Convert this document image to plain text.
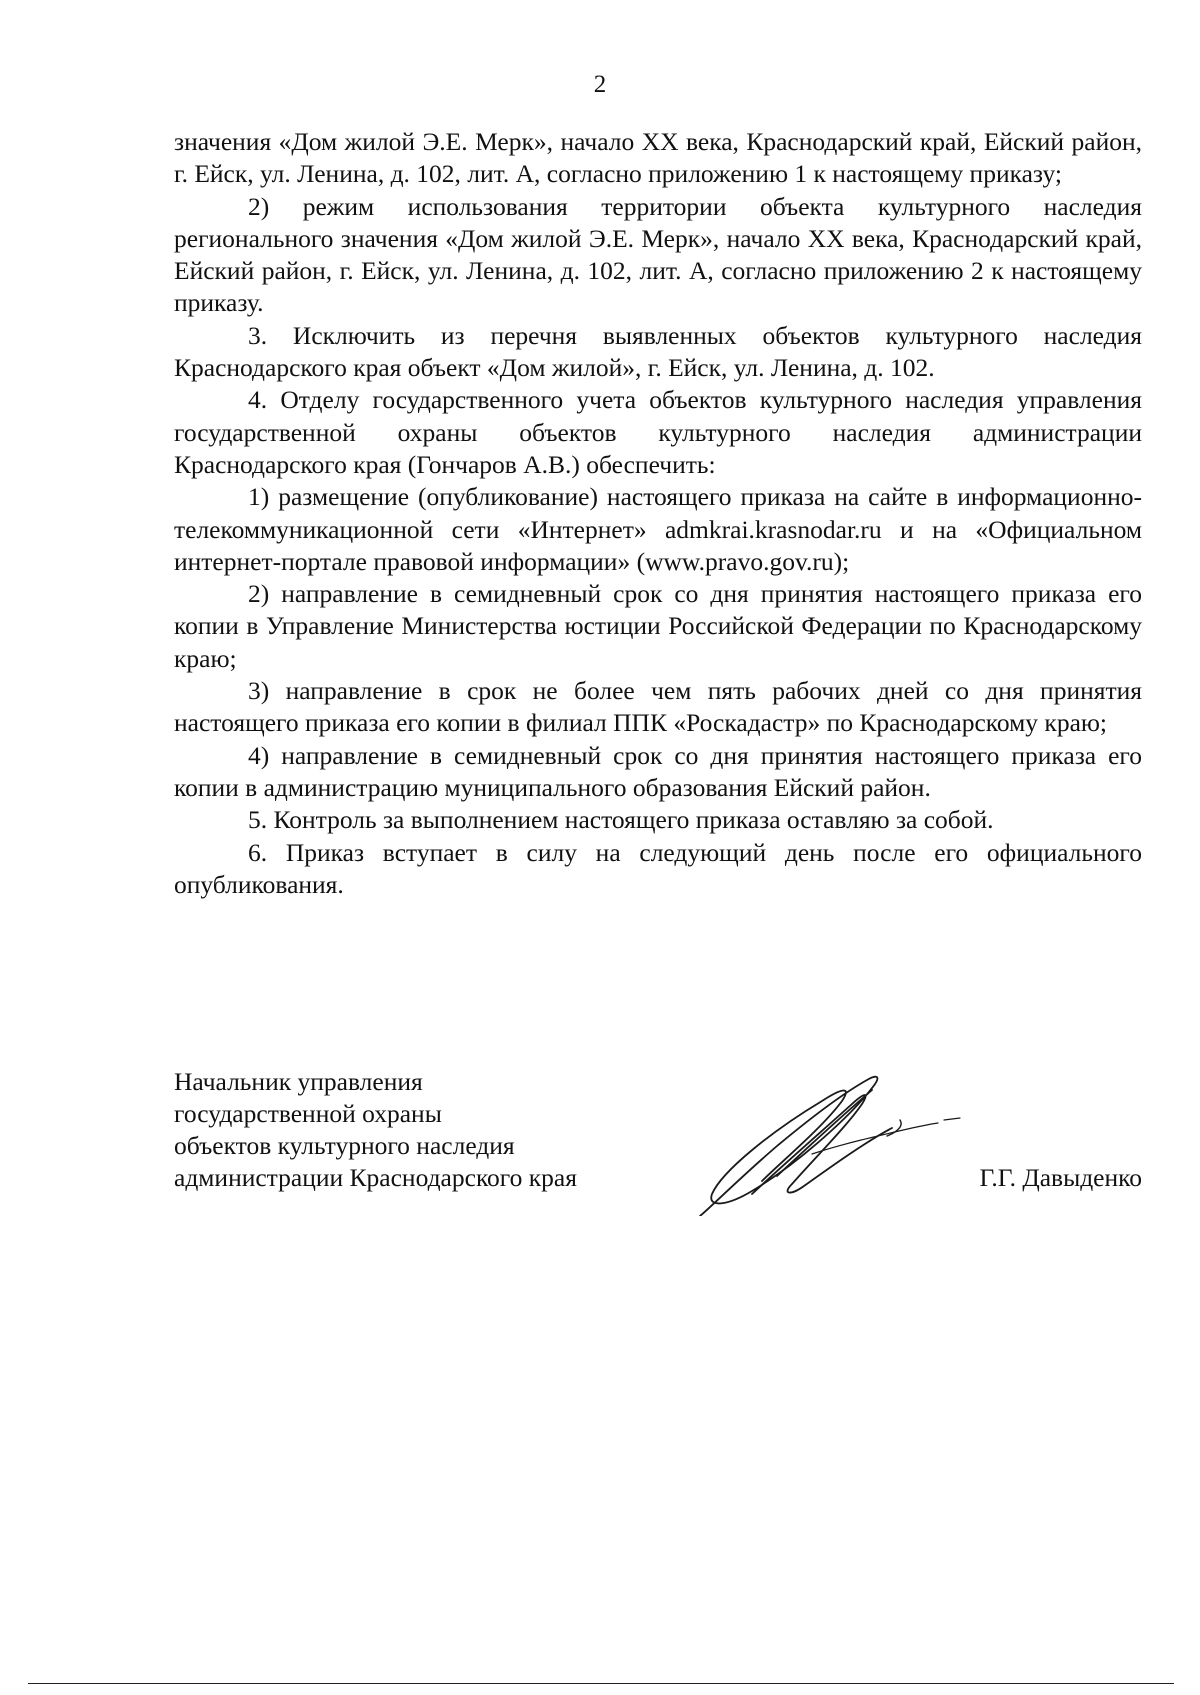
2

значения «Дом жилой Э.Е. Мерк», начало XX века, Краснодарский край, Ейский район, г. Ейск, ул. Ленина, д. 102, лит. А, согласно приложению 1 к настоящему приказу;

2) режим использования территории объекта культурного наследия регионального значения «Дом жилой Э.Е. Мерк», начало XX века, Краснодарский край, Ейский район, г. Ейск, ул. Ленина, д. 102, лит. А, согласно приложению 2 к настоящему приказу.

3. Исключить из перечня выявленных объектов культурного наследия Краснодарского края объект «Дом жилой», г. Ейск, ул. Ленина, д. 102.

4. Отделу государственного учета объектов культурного наследия управления государственной охраны объектов культурного наследия администрации Краснодарского края (Гончаров А.В.) обеспечить:

1) размещение (опубликование) настоящего приказа на сайте в информационно-телекоммуникационной сети «Интернет» admkrai.krasnodar.ru и на «Официальном интернет-портале правовой информации» (www.pravo.gov.ru);

2) направление в семидневный срок со дня принятия настоящего приказа его копии в Управление Министерства юстиции Российской Федерации по Краснодарскому краю;

3) направление в срок не более чем пять рабочих дней со дня принятия настоящего приказа его копии в филиал ППК «Роскадастр» по Краснодарскому краю;

4) направление в семидневный срок со дня принятия настоящего приказа его копии в администрацию муниципального образования Ейский район.

5. Контроль за выполнением настоящего приказа оставляю за собой.

6. Приказ вступает в силу на следующий день после его официального опубликования.

Начальник управления
государственной охраны
объектов культурного наследия
администрации Краснодарского края	Г.Г. Давыденко
